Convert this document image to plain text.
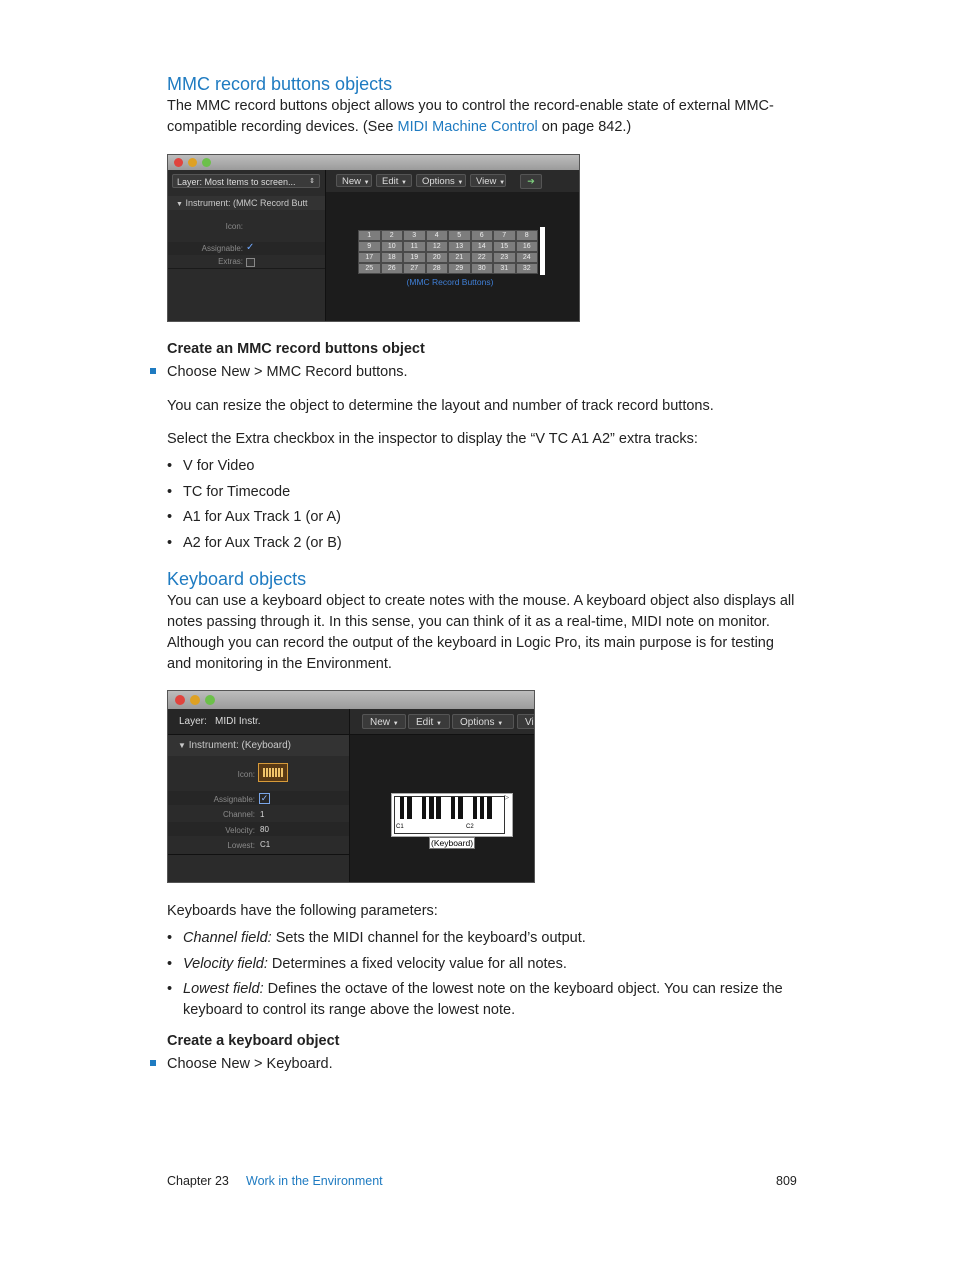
MMC record buttons objects
The MMC record buttons object allows you to control the record-enable state of external MMC-compatible recording devices. (See MIDI Machine Control on page 842.)
Layer: Most Items to screen... ⇕
▼ Instrument: (MMC Record Butt
Icon:
Assignable: ✓
Extras:
New ▼	Edit ▼	Options ▼	View ▼	➔
1	2	3	4	5	6	7	8
9	10	11	12	13	14	15	16
17	18	19	20	21	22	23	24
25	26	27	28	29	30	31	32
(MMC Record Buttons)
Create an MMC record buttons object
Choose New > MMC Record buttons.
You can resize the object to determine the layout and number of track record buttons.
Select the Extra checkbox in the inspector to display the “V TC A1 A2” extra tracks:
• V for Video
• TC for Timecode
• A1 for Aux Track 1 (or A)
• A2 for Aux Track 2 (or B)
Keyboard objects
You can use a keyboard object to create notes with the mouse. A keyboard object also displays all notes passing through it. In this sense, you can think of it as a real-time, MIDI note on monitor. Although you can record the output of the keyboard in Logic Pro, its main purpose is for testing and monitoring in the Environment.
Layer: MIDI Instr.
▼ Instrument: (Keyboard)
Icon:
Assignable: ✓
Channel: 1
Velocity: 80
Lowest: C1
New ▼	Edit ▼	Options ▼	Vi
C1	C2
▷
(Keyboard)
Keyboards have the following parameters:
• Channel field: Sets the MIDI channel for the keyboard’s output.
• Velocity field: Determines a fixed velocity value for all notes.
• Lowest field: Defines the octave of the lowest note on the keyboard object. You can resize the keyboard to control its range above the lowest note.
Create a keyboard object
Choose New > Keyboard.
Chapter 23 Work in the Environment	809
